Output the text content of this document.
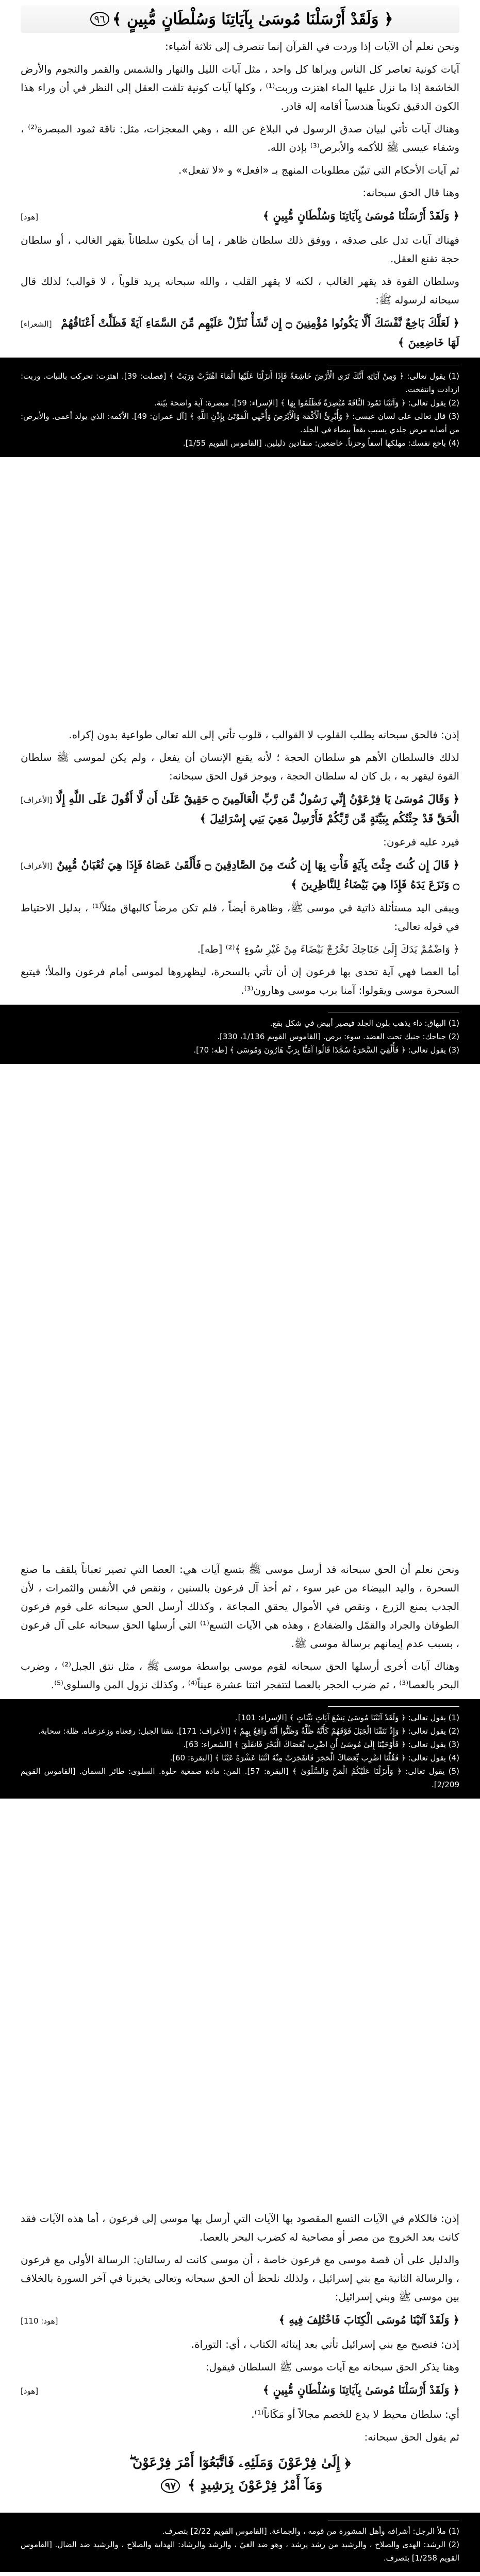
﴿ وَلَقَدْ أَرْسَلْنَا مُوسَىٰ بِآيَاتِنَا وَسُلْطَانٍ مُّبِينٍ ﴾
٩٦

ونحن نعلم أن الآيات إذا وردت في القرآن إنما تنصرف إلى ثلاثة أشياء:

آيات كونية تعاصر كل الناس ويراها كل واحد ، مثل آيات الليل والنهار والشمس والقمر والنجوم والأرض الخاشعة إذا ما نزل عليها الماء اهتزت وربت⁽¹⁾ ، وكلها آيات كونية تلفت العقل إلى النظر في أن وراء هذا الكون الدقيق تكويناً هندسياً أقامه إله قادر.

وهناك آيات تأتي لبيان صدق الرسول في البلاغ عن الله ، وهي المعجزات، مثل: ناقة ثمود المبصرة⁽²⁾ ، وشفاء عيسى ﷺ للأكمه والأبرص⁽³⁾ بإذن الله.

ثم آيات الأحكام التي تبيّن مطلوبات المنهج بـ «افعل» و «لا تفعل».

وهنا قال الحق سبحانه:

﴿ وَلَقَدْ أَرْسَلْنَا مُوسَىٰ بِآيَاتِنَا وَسُلْطَانٍ مُّبِينٍ ﴾
[هود]

فهناك آيات تدل على صدقه ، ووفق ذلك سلطان ظاهر ، إما أن يكون سلطاناً يقهر الغالب ، أو سلطان حجة تقنع العقل.

وسلطان القوة قد يقهر الغالب ، لكنه لا يقهر القلب ، والله سبحانه يريد قلوباً ، لا قوالب؛ لذلك قال سبحانه لرسوله ﷺ:

﴿ لَعَلَّكَ بَاخِعٌ نَّفْسَكَ أَلَّا يَكُونُوا مُؤْمِنِينَ ۝ إِن نَّشَأْ نُنَزِّلْ عَلَيْهِم مِّنَ السَّمَاءِ آيَةً فَظَلَّتْ أَعْنَاقُهُمْ لَهَا خَاضِعِينَ ﴾
[الشعراء]

(1) يقول تعالى: ﴿ وَمِنْ آيَاتِهِ أَنَّكَ تَرَى الْأَرْضَ خَاشِعَةً فَإِذَا أَنزَلْنَا عَلَيْهَا الْمَاءَ اهْتَزَّتْ وَرَبَتْ ﴾ [فصلت: 39]. اهتزت: تحركت بالنبات. وربت: ازدادت وانتفخت.

(2) يقول تعالى: ﴿ وَآتَيْنَا ثَمُودَ النَّاقَةَ مُبْصِرَةً فَظَلَمُوا بِهَا ﴾ [الإسراء: 59]. مبصرة: آية واضحة بيّنة.

(3) قال تعالى على لسان عيسى: ﴿ وَأُبْرِئُ الْأَكْمَهَ وَالْأَبْرَصَ وَأُحْيِي الْمَوْتَىٰ بِإِذْنِ اللَّهِ ﴾ [آل عمران: 49]. الأكمه: الذي يولد أعمى. والأبرص: من أصابه مرض جلدي يسبب بقعاً بيضاء في الجلد.

(4) باخع نفسك: مهلكها أسفاً وحزناً. خاضعين: منقادين ذليلين. [القاموس القويم 1/55].

إذن: فالحق سبحانه يطلب القلوب لا القوالب ، قلوب تأتي إلى الله تعالى طواعية بدون إكراه.

لذلك فالسلطان الأهم هو سلطان الحجة ؛ لأنه يقنع الإنسان أن يفعل ، ولم يكن لموسى ﷺ سلطان القوة ليقهر به ، بل كان له سلطان الحجة ، ويوجز قول الحق سبحانه:

﴿ وَقَالَ مُوسَىٰ يَا فِرْعَوْنُ إِنِّي رَسُولٌ مِّن رَّبِّ الْعَالَمِينَ ۝ حَقِيقٌ عَلَىٰ أَن لَّا أَقُولَ عَلَى اللَّهِ إِلَّا الْحَقَّ قَدْ جِئْتُكُم بِبَيِّنَةٍ مِّن رَّبِّكُمْ فَأَرْسِلْ مَعِيَ بَنِي إِسْرَائِيلَ ﴾
[الأعراف]

فيرد عليه فرعون:

﴿ قَالَ إِن كُنتَ جِئْتَ بِآيَةٍ فَأْتِ بِهَا إِن كُنتَ مِنَ الصَّادِقِينَ ۝ فَأَلْقَىٰ عَصَاهُ فَإِذَا هِيَ ثُعْبَانٌ مُّبِينٌ ۝ وَنَزَعَ يَدَهُ فَإِذَا هِيَ بَيْضَاءُ لِلنَّاظِرِينَ ﴾
[الأعراف]

ويبقى اليد مستأثلة ذاتية في موسى ﷺ، وظاهرة أيضاً ، فلم تكن مرضاً كالبهاق مثلاً⁽¹⁾ ، بدليل الاحتياط في قوله تعالى:

﴿ وَاضْمُمْ يَدَكَ إِلَىٰ جَنَاحِكَ تَخْرُجْ بَيْضَاءَ مِنْ غَيْرِ سُوءٍ ﴾⁽²⁾ [طه].

أما العصا فهي آية تحدى بها فرعون إن أن تأتي بالسحرة، ليظهروها لموسى أمام فرعون والملأ؛ فيتبع السحرة موسى ويقولوا: آمنا برب موسى وهارون⁽³⁾.

(1) البهاق: داء يذهب بلون الجلد فيصير أبيض في شكل بقع.

(2) جناحك: جنبك تحت العضد. سوء: برص. [القاموس القويم 1/136، 330].

(3) يقول تعالى: ﴿ فَأُلْقِيَ السَّحَرَةُ سُجَّدًا قَالُوا آمَنَّا بِرَبِّ هَارُونَ وَمُوسَىٰ ﴾ [طه: 70].

ونحن نعلم أن الحق سبحانه قد أرسل موسى ﷺ بتسع آيات هي: العصا التي تصير ثعباناً يلقف ما صنع السحرة ، واليد البيضاء من غير سوء ، ثم أخذ آل فرعون بالسنين ، ونقص في الأنفس والثمرات ، لأن الجدب يمنع الزرع ، ونقص في الأموال يحقق المجاعة ، وكذلك أرسل الحق سبحانه على قوم فرعون الطوفان والجراد والقمّل والضفادع ، وهذه هي الآيات التسع⁽¹⁾ التي أرسلها الحق سبحانه على آل فرعون ، بسبب عدم إيمانهم برسالة موسى ﷺ.

وهناك آيات أخرى أرسلها الحق سبحانه لقوم موسى بواسطة موسى ﷺ ، مثل نتق الجبل⁽²⁾ ، وضرب البحر بالعصا⁽³⁾ ، ثم ضرب الحجر بالعصا لتتفجر اثنتا عشرة عيناً⁽⁴⁾ ، وكذلك نزول المن والسلوى⁽⁵⁾.

(1) يقول تعالى: ﴿ وَلَقَدْ آتَيْنَا مُوسَىٰ تِسْعَ آيَاتٍ بَيِّنَاتٍ ﴾ [الإسراء: 101].

(2) يقول تعالى: ﴿ وَإِذْ نَتَقْنَا الْجَبَلَ فَوْقَهُمْ كَأَنَّهُ ظُلَّةٌ وَظَنُّوا أَنَّهُ وَاقِعٌ بِهِمْ ﴾ [الأعراف: 171]. نتقنا الجبل: رفعناه وزعزعناه. ظلة: سحابة.

(3) يقول تعالى: ﴿ فَأَوْحَيْنَا إِلَىٰ مُوسَىٰ أَنِ اضْرِب بِّعَصَاكَ الْبَحْرَ فَانفَلَقَ ﴾ [الشعراء: 63].

(4) يقول تعالى: ﴿ فَقُلْنَا اضْرِب بِّعَصَاكَ الْحَجَرَ فَانفَجَرَتْ مِنْهُ اثْنَتَا عَشْرَةَ عَيْنًا ﴾ [البقرة: 60].

(5) يقول تعالى: ﴿ وَأَنزَلْنَا عَلَيْكُمُ الْمَنَّ وَالسَّلْوَىٰ ﴾ [البقرة: 57]. المن: مادة صمغية حلوة. السلوى: طائر السمان. [القاموس القويم 2/209].

إذن: فالكلام في الآيات التسع المقصود بها الآيات التي أرسل بها موسى إلى فرعون ، أما هذه الآيات فقد كانت بعد الخروج من مصر أو مصاحبة له كضرب البحر بالعصا.

والدليل على أن قصة موسى مع فرعون خاصة ، أن موسى كانت له رسالتان: الرسالة الأولى مع فرعون ، والرسالة الثانية مع بني إسرائيل ، ولذلك نلحظ أن الحق سبحانه وتعالى يخبرنا في آخر السورة بالخلاف بين موسى ﷺ وبني إسرائيل:

﴿ وَلَقَدْ آتَيْنَا مُوسَى الْكِتَابَ فَاخْتُلِفَ فِيهِ ﴾
[هود: 110]

إذن: فتصبح مع بني إسرائيل تأتي بعد إيتائه الكتاب ، أي: التوراة.

وهنا يذكر الحق سبحانه مع آيات موسى ﷺ السلطان فيقول:

﴿ وَلَقَدْ أَرْسَلْنَا مُوسَىٰ بِآيَاتِنَا وَسُلْطَانٍ مُّبِينٍ ﴾
[هود]

أي: سلطان محيط لا يدع للخصم مجالاً أو مَكَاناً⁽¹⁾.

ثم يقول الحق سبحانه:

﴿ إِلَىٰ فِرْعَوْنَ وَمَلَئِهِۦ فَاتَّبَعُوٓا أَمْرَ فِرْعَوْنَ ۖ
وَمَآ أَمْرُ فِرْعَوْنَ بِرَشِيدٍ ﴾ ٩٧

(1) ملأ الرجل: أشرافه وأهل المشورة من قومه ، والجماعة. [القاموس القويم 2/22] بتصرف.

(2) الرشد: الهدى والصلاح ، والرشيد من رشد يرشد ، وهو ضد الغيّ ، والرشد والرشاد: الهداية والصلاح ، والرشيد ضد الضال. [القاموس القويم 1/258] بتصرف.
